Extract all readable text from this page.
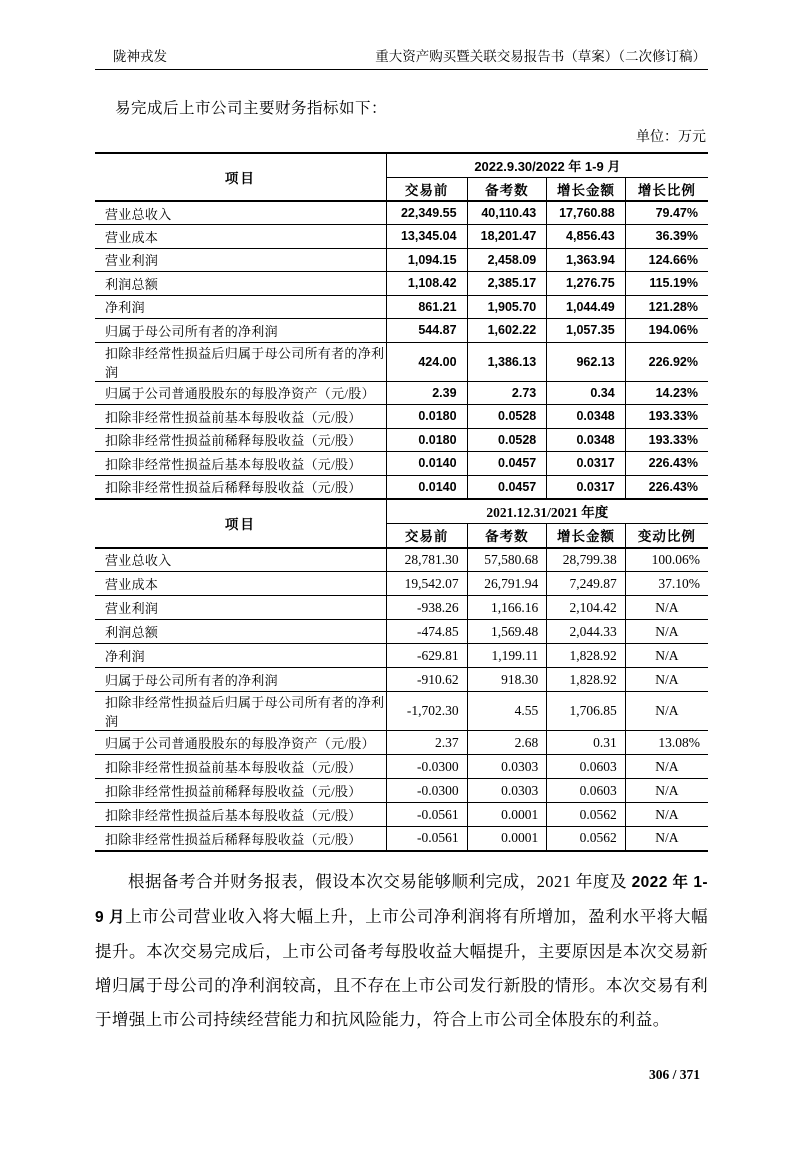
陇神戎发	重大资产购买暨关联交易报告书（草案）（二次修订稿）
易完成后上市公司主要财务指标如下：
单位：万元
项目	2022.9.30/2022 年 1-9 月			
	交易前	备考数	增长金额	增长比例
营业总收入	22,349.55	40,110.43	17,760.88	79.47%
营业成本	13,345.04	18,201.47	4,856.43	36.39%
营业利润	1,094.15	2,458.09	1,363.94	124.66%
利润总额	1,108.42	2,385.17	1,276.75	115.19%
净利润	861.21	1,905.70	1,044.49	121.28%
归属于母公司所有者的净利润	544.87	1,602.22	1,057.35	194.06%
扣除非经常性损益后归属于母公司所有者的净利润	424.00	1,386.13	962.13	226.92%
归属于公司普通股股东的每股净资产（元/股）	2.39	2.73	0.34	14.23%
扣除非经常性损益前基本每股收益（元/股）	0.0180	0.0528	0.0348	193.33%
扣除非经常性损益前稀释每股收益（元/股）	0.0180	0.0528	0.0348	193.33%
扣除非经常性损益后基本每股收益（元/股）	0.0140	0.0457	0.0317	226.43%
扣除非经常性损益后稀释每股收益（元/股）	0.0140	0.0457	0.0317	226.43%
项目	2021.12.31/2021 年度			
	交易前	备考数	增长金额	变动比例
营业总收入	28,781.30	57,580.68	28,799.38	100.06%
营业成本	19,542.07	26,791.94	7,249.87	37.10%
营业利润	-938.26	1,166.16	2,104.42	N/A
利润总额	-474.85	1,569.48	2,044.33	N/A
净利润	-629.81	1,199.11	1,828.92	N/A
归属于母公司所有者的净利润	-910.62	918.30	1,828.92	N/A
扣除非经常性损益后归属于母公司所有者的净利润	-1,702.30	4.55	1,706.85	N/A
归属于公司普通股股东的每股净资产（元/股）	2.37	2.68	0.31	13.08%
扣除非经常性损益前基本每股收益（元/股）	-0.0300	0.0303	0.0603	N/A
扣除非经常性损益前稀释每股收益（元/股）	-0.0300	0.0303	0.0603	N/A
扣除非经常性损益后基本每股收益（元/股）	-0.0561	0.0001	0.0562	N/A
扣除非经常性损益后稀释每股收益（元/股）	-0.0561	0.0001	0.0562	N/A
根据备考合并财务报表，假设本次交易能够顺利完成，2021 年度及 2022 年 1-9 月上市公司营业收入将大幅上升，上市公司净利润将有所增加，盈利水平将大幅提升。本次交易完成后，上市公司备考每股收益大幅提升，主要原因是本次交易新增归属于母公司的净利润较高，且不存在上市公司发行新股的情形。本次交易有利于增强上市公司持续经营能力和抗风险能力，符合上市公司全体股东的利益。
306 / 371
